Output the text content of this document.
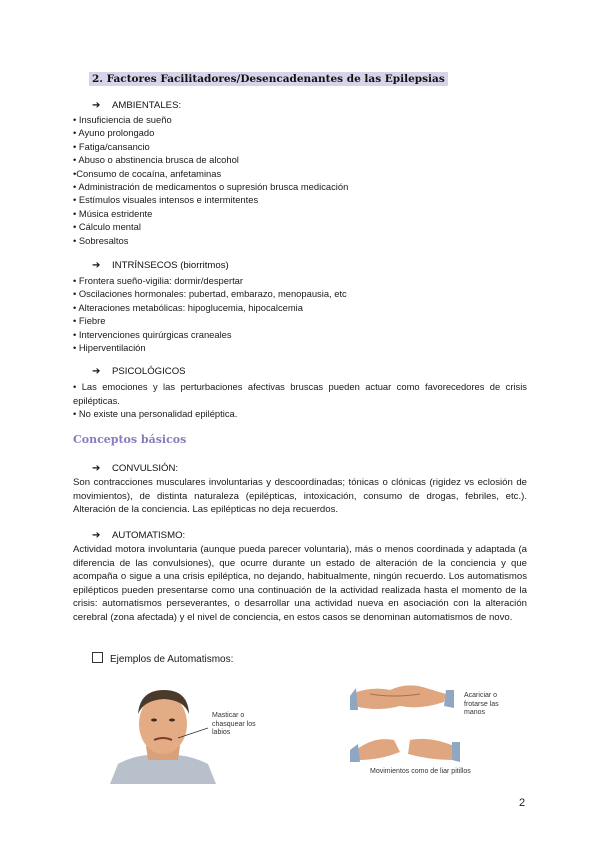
2. Factores Facilitadores/Desencadenantes de las Epilepsias
➔ AMBIENTALES:
• Insuficiencia de sueño
• Ayuno prolongado
• Fatiga/cansancio
• Abuso o abstinencia brusca de alcohol
•Consumo de cocaína, anfetaminas
• Administración de medicamentos o supresión brusca medicación
• Estímulos visuales intensos e intermitentes
• Música estridente
• Cálculo mental
• Sobresaltos
➔ INTRÍNSECOS (biorritmos)
• Frontera sueño-vigilia: dormir/despertar
• Oscilaciones hormonales: pubertad, embarazo, menopausia, etc
• Alteraciones metabólicas: hipoglucemia, hipocalcemia
• Fiebre
• Intervenciones quirúrgicas craneales
• Hiperventilación
➔ PSICOLÓGICOS

• Las emociones y las perturbaciones afectivas bruscas pueden actuar como favorecedores de crisis epilépticas.

• No existe una personalidad epiléptica.

Conceptos básicos
➔ CONVULSIÓN:

Son contracciones musculares involuntarias y descoordinadas; tónicas o clónicas (rigidez vs eclosión de movimientos), de distinta naturaleza (epilépticas, intoxicación, consumo de drogas, febriles, etc.). Alteración de la conciencia. Las epilépticas no deja recuerdos.

➔ AUTOMATISMO:

Actividad motora involuntaria (aunque pueda parecer voluntaria), más o menos coordinada y adaptada (a diferencia de las convulsiones), que ocurre durante un estado de alteración de la conciencia y que acompaña o sigue a una crisis epiléptica, no dejando, habitualmente, ningún recuerdo. Los automatismos epilépticos pueden presentarse como una continuación de la actividad realizada hasta el momento de la crisis: automatismos perseverantes, o desarrollar una actividad nueva en asociación con la alteración cerebral (zona afectada) y el nivel de conciencia, en estos casos se denominan automatismos de novo.

Ejemplos de Automatismos:
Masticar o chasquear los labios
Acariciar o frotarse las manos
Movimientos como de liar pitillos
2
